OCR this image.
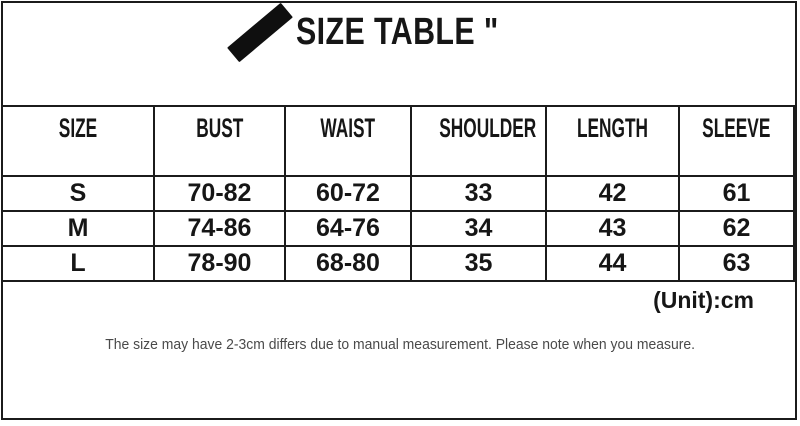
SIZE TABLE "
SIZE	BUST	WAIST	SHOULDER	LENGTH	SLEEVE
S	70-82	60-72	33	42	61
M	74-86	64-76	34	43	62
L	78-90	68-80	35	44	63
(Unit):cm
The size may have 2-3cm differs due to manual measurement. Please note when you measure.
